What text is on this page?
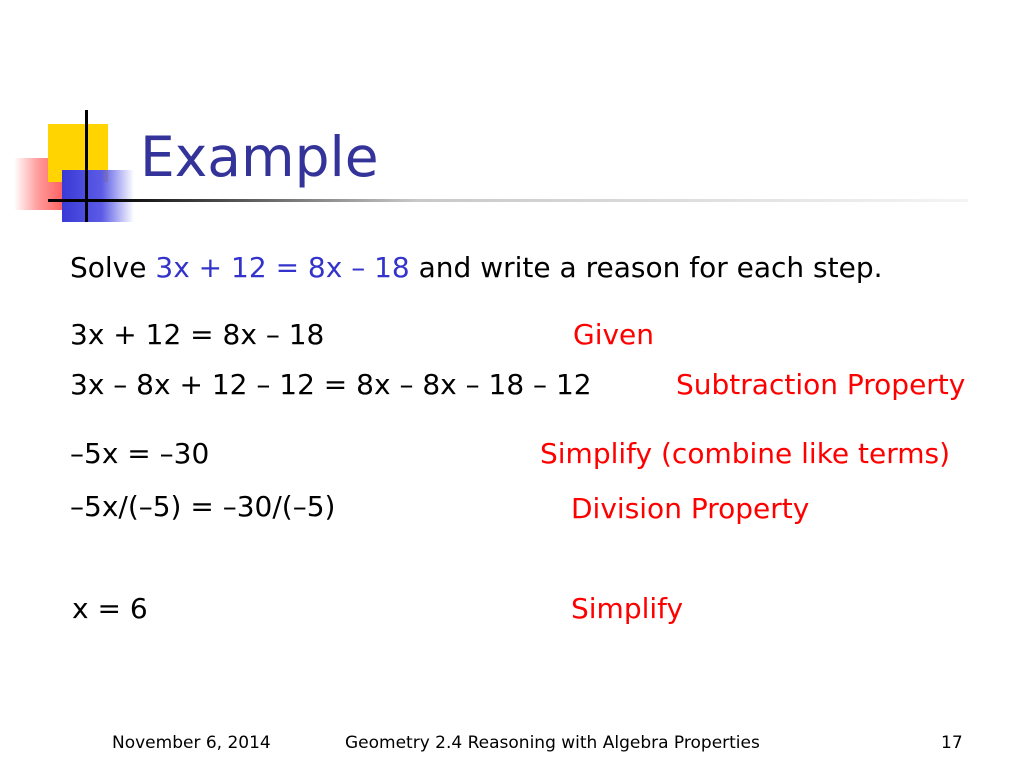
Example
Solve 3x + 12 = 8x – 18 and write a reason for each step.
3x + 12 = 8x – 18	Given
3x – 8x + 12 – 12 = 8x – 8x – 18 – 12	Subtraction Property
–5x = –30	Simplify (combine like terms)
–5x/(–5) = –30/(–5)	Division Property
x = 6	Simplify
November 6, 2014	Geometry 2.4 Reasoning with Algebra Properties	17
